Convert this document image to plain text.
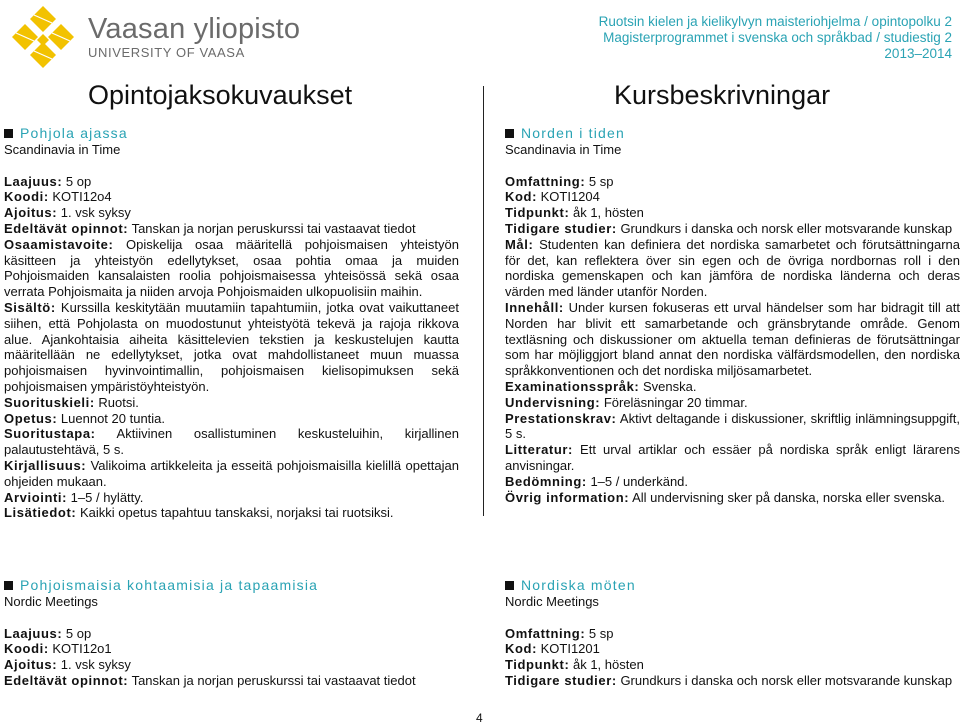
Vaasan yliopisto
UNIVERSITY OF VAASA
Ruotsin kielen ja kielikylvyn maisteriohjelma / opintopolku 2
Magisterprogrammet i svenska och språkbad / studiestig 2
2013–2014
Opintojaksokuvaukset	Kursbeskrivningar
Pohjola ajassa

Scandinavia in Time

Laajuus: 5 op

Koodi: KOTI12o4

Ajoitus: 1. vsk syksy

Edeltävät opinnot: Tanskan ja norjan peruskurssi tai vastaavat tiedot

Osaamistavoite: Opiskelija osaa määritellä pohjoismaisen yhteistyön käsitteen ja yhteistyön edellytykset, osaa pohtia omaa ja muiden Pohjoismaiden kansalaisten roolia pohjoismaisessa yhteisössä sekä osaa verrata Pohjoismaita ja niiden arvoja Pohjoismaiden ulkopuolisiin maihin.

Sisältö: Kurssilla keskitytään muutamiin tapahtumiin, jotka ovat vaikuttaneet siihen, että Pohjolasta on muodostunut yhteistyötä tekevä ja rajoja rikkova alue. Ajankohtaisia aiheita käsittelevien tekstien ja keskustelujen kautta määritellään ne edellytykset, jotka ovat mahdollistaneet muun muassa pohjoismaisen hyvinvointimallin, pohjoismaisen kielisopimuksen sekä pohjoismaisen ympäristöyhteistyön.

Suorituskieli: Ruotsi.

Opetus: Luennot 20 tuntia.

Suoritustapa: Aktiivinen osallistuminen keskusteluihin, kirjallinen palautustehtävä, 5 s.

Kirjallisuus: Valikoima artikkeleita ja esseitä pohjoismaisilla kielillä opettajan ohjeiden mukaan.

Arviointi: 1–5 / hylätty.

Lisätiedot: Kaikki opetus tapahtuu tanskaksi, norjaksi tai ruotsiksi.

Norden i tiden

Scandinavia in Time

Omfattning: 5 sp

Kod: KOTI1204

Tidpunkt: åk 1, hösten

Tidigare studier: Grundkurs i danska och norsk eller motsvarande kunskap

Mål: Studenten kan definiera det nordiska samarbetet och förutsättningarna för det, kan reflektera över sin egen och de övriga nordbornas roll i den nordiska gemenskapen och kan jämföra de nordiska länderna och deras värden med länder utanför Norden.

Innehåll: Under kursen fokuseras ett urval händelser som har bidragit till att Norden har blivit ett samarbetande och gränsbrytande område. Genom textläsning och diskussioner om aktuella teman definieras de förutsättningar som har möjliggjort bland annat den nordiska välfärdsmodellen, den nordiska språkkonventionen och det nordiska miljösamarbetet.

Examinationsspråk: Svenska.

Undervisning: Föreläsningar 20 timmar.

Prestationskrav: Aktivt deltagande i diskussioner, skriftlig inlämningsuppgift, 5 s.

Litteratur: Ett urval artiklar och essäer på nordiska språk enligt lärarens anvisningar.

Bedömning: 1–5 / underkänd.

Övrig information: All undervisning sker på danska, norska eller svenska.

Pohjoismaisia kohtaamisia ja tapaamisia

Nordic Meetings

Laajuus: 5 op

Koodi: KOTI12o1

Ajoitus: 1. vsk syksy

Edeltävät opinnot: Tanskan ja norjan peruskurssi tai vastaavat tiedot

Nordiska möten

Nordic Meetings

Omfattning: 5 sp

Kod: KOTI1201

Tidpunkt: åk 1, hösten

Tidigare studier: Grundkurs i danska och norsk eller motsvarande kunskap

4
